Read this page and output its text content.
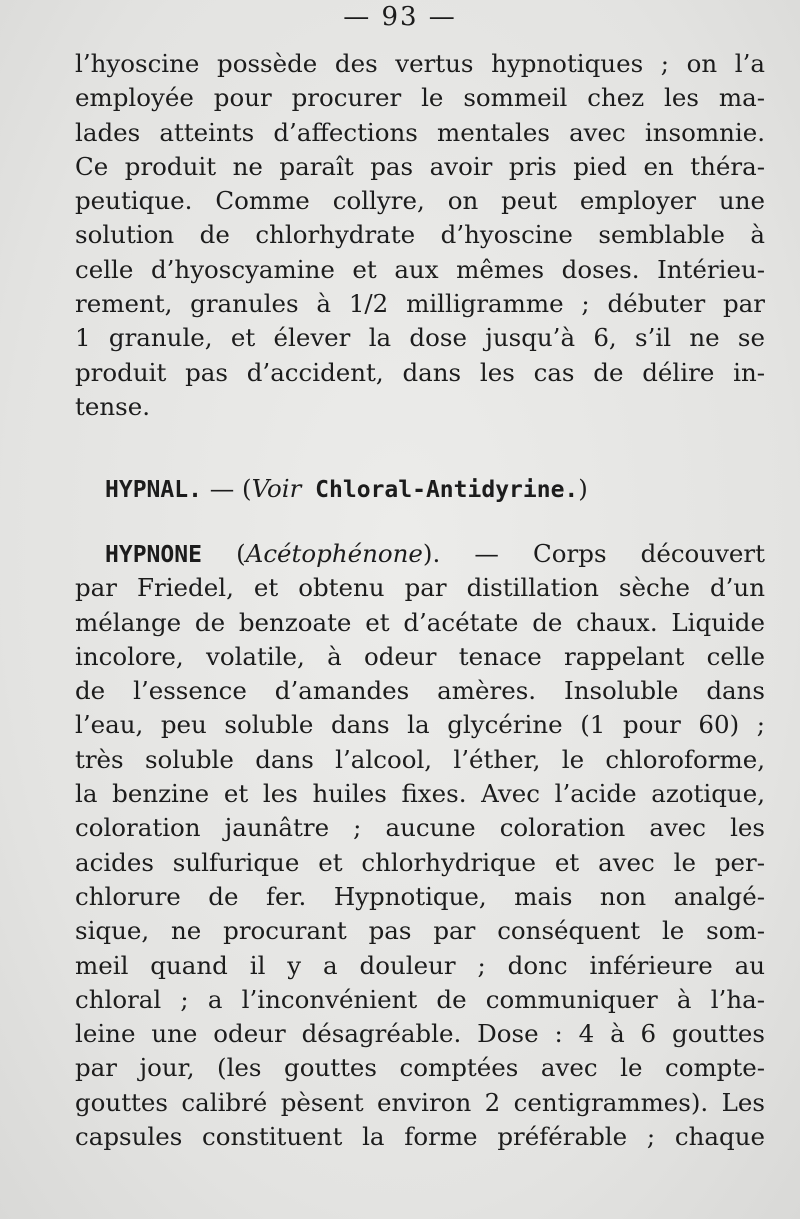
— 93 —
l’hyoscine possède des vertus hypnotiques ; on l’a
employée pour procurer le sommeil chez les ma-
lades atteints d’affections mentales avec insomnie.
Ce produit ne paraît pas avoir pris pied en théra-
peutique. Comme collyre, on peut employer une
solution de chlorhydrate d’hyoscine semblable à
celle d’hyoscyamine et aux mêmes doses. Intérieu-
rement, granules à 1/2 milligramme ; débuter par
1 granule, et élever la dose jusqu’à 6, s’il ne se
produit pas d’accident, dans les cas de délire in-
tense.
HYPNAL. — (Voir Chloral-Antidyrine.)
HYPNONE (Acétophénone). — Corps découvert
par Friedel, et obtenu par distillation sèche d’un
mélange de benzoate et d’acétate de chaux. Liquide
incolore, volatile, à odeur tenace rappelant celle
de l’essence d’amandes amères. Insoluble dans
l’eau, peu soluble dans la glycérine (1 pour 60) ;
très soluble dans l’alcool, l’éther, le chloroforme,
la benzine et les huiles fixes. Avec l’acide azotique,
coloration jaunâtre ; aucune coloration avec les
acides sulfurique et chlorhydrique et avec le per-
chlorure de fer. Hypnotique, mais non analgé-
sique, ne procurant pas par conséquent le som-
meil quand il y a douleur ; donc inférieure au
chloral ; a l’inconvénient de communiquer à l’ha-
leine une odeur désagréable. Dose : 4 à 6 gouttes
par jour, (les gouttes comptées avec le compte-
gouttes calibré pèsent environ 2 centigrammes). Les
capsules constituent la forme préférable ; chaque
